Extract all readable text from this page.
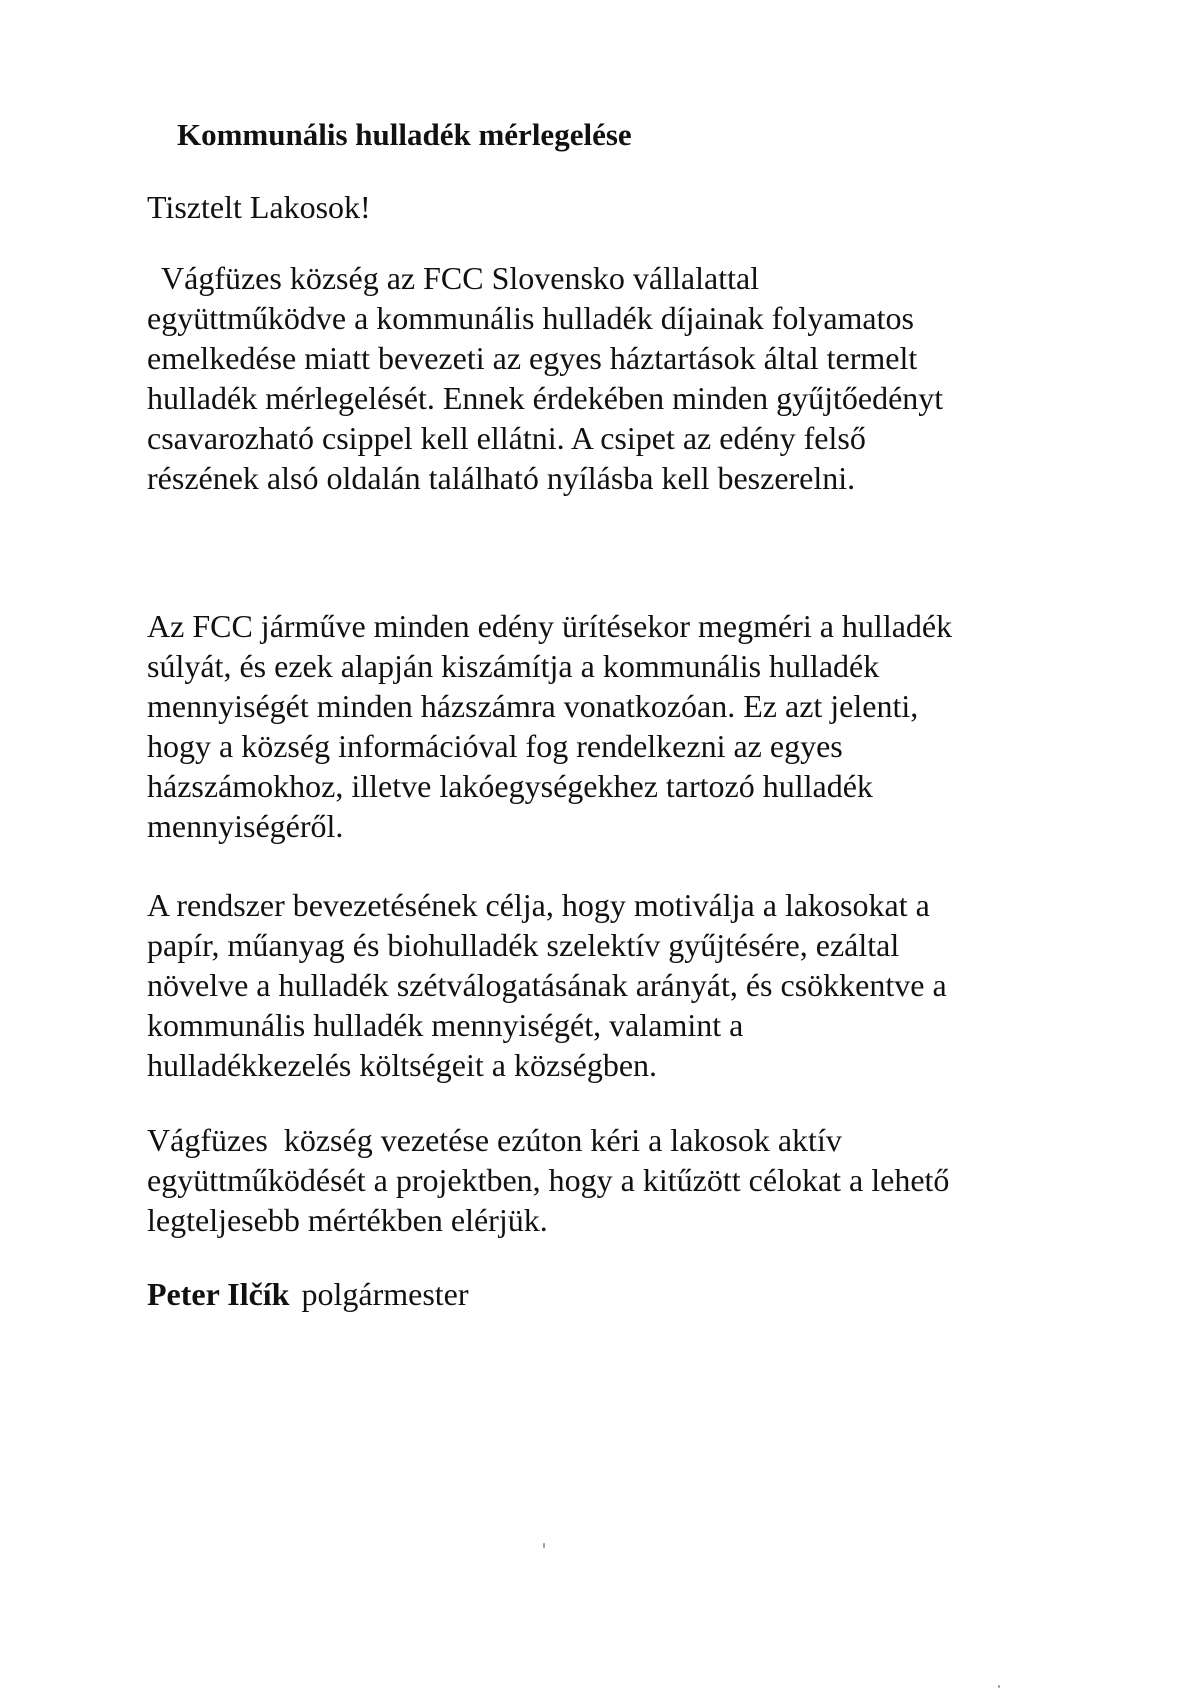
Kommunális hulladék mérlegelése

Tisztelt Lakosok!

Vágfüzes község az FCC Slovensko vállalattal
együttműködve a kommunális hulladék díjainak folyamatos
emelkedése miatt bevezeti az egyes háztartások által termelt
hulladék mérlegelését. Ennek érdekében minden gyűjtőedényt
csavarozható csippel kell ellátni. A csipet az edény felső
részének alsó oldalán található nyílásba kell beszerelni.

Az FCC járműve minden edény ürítésekor megméri a hulladék
súlyát, és ezek alapján kiszámítja a kommunális hulladék
mennyiségét minden házszámra vonatkozóan. Ez azt jelenti,
hogy a község információval fog rendelkezni az egyes
házszámokhoz, illetve lakóegységekhez tartozó hulladék
mennyiségéről.

A rendszer bevezetésének célja, hogy motiválja a lakosokat a
papír, műanyag és biohulladék szelektív gyűjtésére, ezáltal
növelve a hulladék szétválogatásának arányát, és csökkentve a
kommunális hulladék mennyiségét, valamint a
hulladékkezelés költségeit a községben.

Vágfüzes  község vezetése ezúton kéri a lakosok aktív
együttműködését a projektben, hogy a kitűzött célokat a lehető
legteljesebb mértékben elérjük.

Peter Ilčík polgármester
